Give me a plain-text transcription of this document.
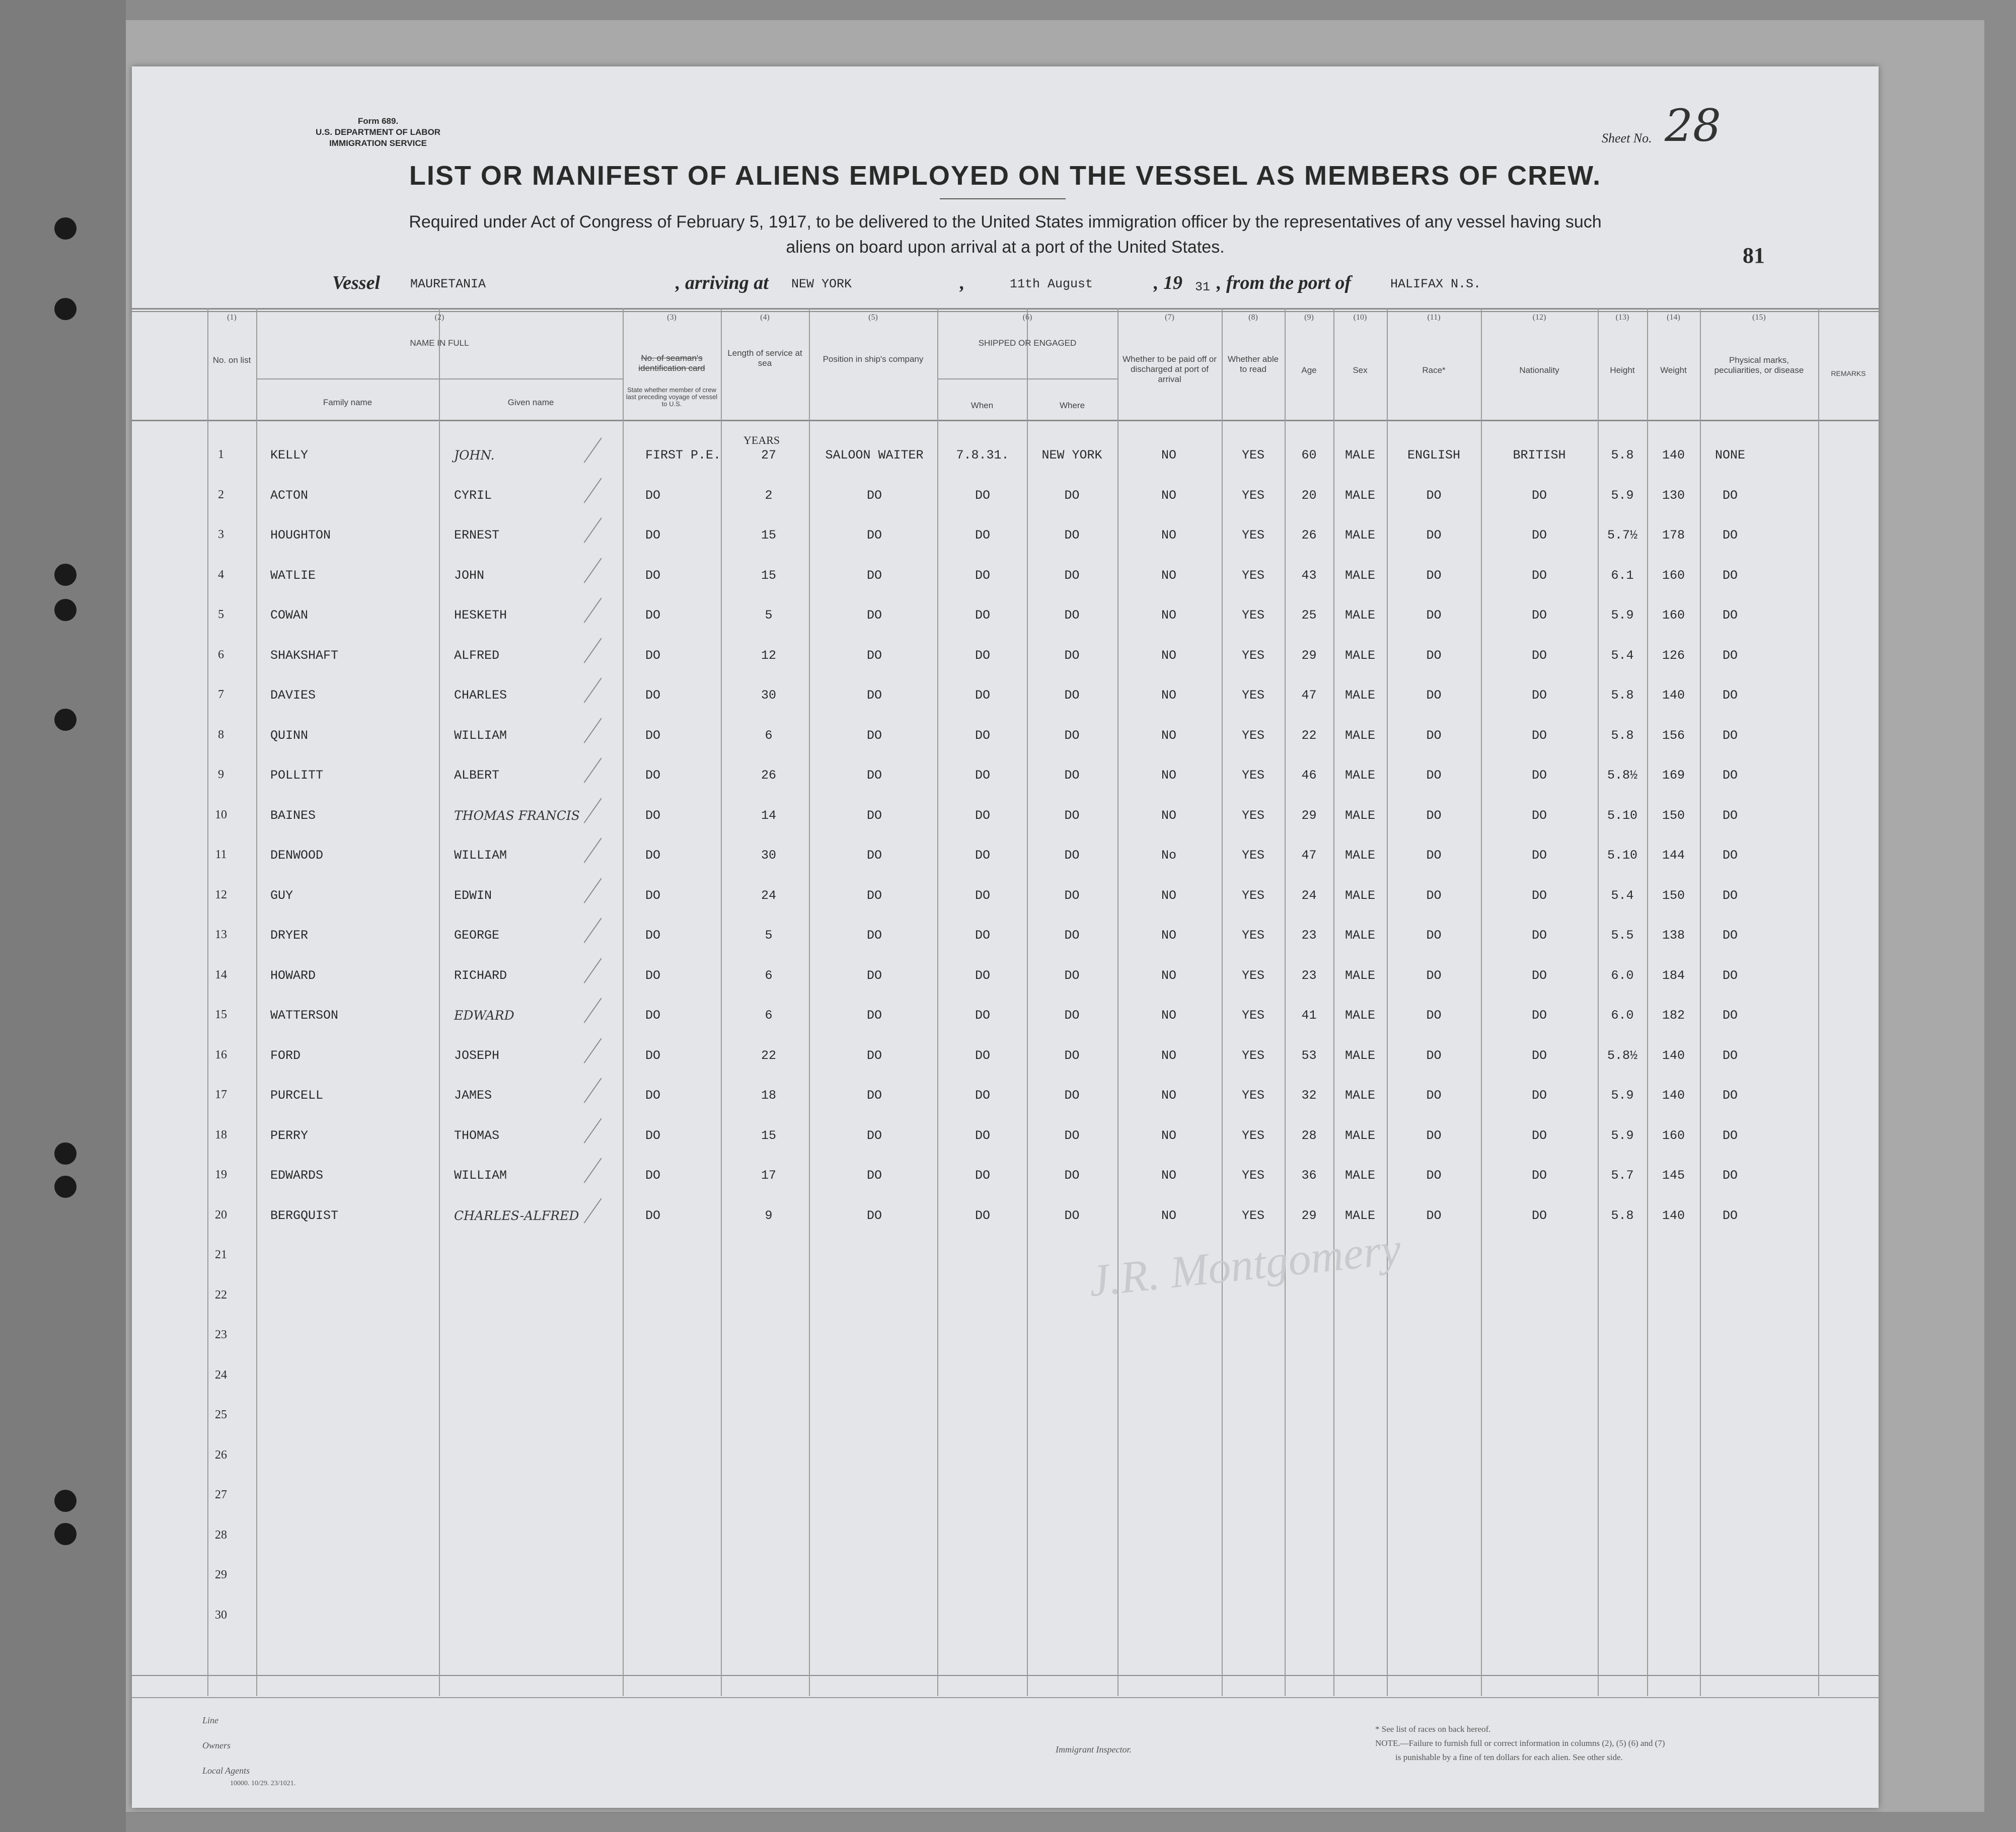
Form 689.
U.S. DEPARTMENT OF LABOR
IMMIGRATION SERVICE	Sheet No. 28
LIST OR MANIFEST OF ALIENS EMPLOYED ON THE VESSEL AS MEMBERS OF CREW.
Required under Act of Congress of February 5, 1917, to be delivered to the United States immigration officer by the representatives of any vessel having such
aliens on board upon arrival at a port of the United States.	81
Vessel MAURETANIA	, arriving at NEW YORK	,	11th August	, 19 31 , from the port of	HALIFAX N.S.
(1)	(2)	(3)	(4)	(5)	(6)	(7)	(8)	(9)	(10)	(11)	(12)	(13)	(14)	(15)
No. on list
NAME IN FULL
Family name	Given name
No. of seaman's identification card
State whether member of crew last preceding voyage of vessel to U.S.
Length of service at sea	Position in ship's company
SHIPPED OR ENGAGED
When	Where
Whether to be paid off or discharged at port of arrival
Whether able to read	Age	Sex	Race*	Nationality	Height	Weight
Physical marks, peculiarities, or disease	REMARKS
YEARS
1	KELLY	JOHN.	FIRST P.E.	27	SALOON WAITER	7.8.31.	NEW YORK	NO	YES	60	MALE	ENGLISH	BRITISH	5.8	140	NONE
2	ACTON	CYRIL	DO	2	DO	DO	DO	NO	YES	20	MALE	DO	DO	5.9	130	DO
3	HOUGHTON	ERNEST	DO	15	DO	DO	DO	NO	YES	26	MALE	DO	DO	5.7½	178	DO
4	WATLIE	JOHN	DO	15	DO	DO	DO	NO	YES	43	MALE	DO	DO	6.1	160	DO
5	COWAN	HESKETH	DO	5	DO	DO	DO	NO	YES	25	MALE	DO	DO	5.9	160	DO
6	SHAKSHAFT	ALFRED	DO	12	DO	DO	DO	NO	YES	29	MALE	DO	DO	5.4	126	DO
7	DAVIES	CHARLES	DO	30	DO	DO	DO	NO	YES	47	MALE	DO	DO	5.8	140	DO
8	QUINN	WILLIAM	DO	6	DO	DO	DO	NO	YES	22	MALE	DO	DO	5.8	156	DO
9	POLLITT	ALBERT	DO	26	DO	DO	DO	NO	YES	46	MALE	DO	DO	5.8½	169	DO
10	BAINES	THOMAS FRANCIS	DO	14	DO	DO	DO	NO	YES	29	MALE	DO	DO	5.10	150	DO
11	DENWOOD	WILLIAM	DO	30	DO	DO	DO	No	YES	47	MALE	DO	DO	5.10	144	DO
12	GUY	EDWIN	DO	24	DO	DO	DO	NO	YES	24	MALE	DO	DO	5.4	150	DO
13	DRYER	GEORGE	DO	5	DO	DO	DO	NO	YES	23	MALE	DO	DO	5.5	138	DO
14	HOWARD	RICHARD	DO	6	DO	DO	DO	NO	YES	23	MALE	DO	DO	6.0	184	DO
15	WATTERSON	EDWARD	DO	6	DO	DO	DO	NO	YES	41	MALE	DO	DO	6.0	182	DO
16	FORD	JOSEPH	DO	22	DO	DO	DO	NO	YES	53	MALE	DO	DO	5.8½	140	DO
17	PURCELL	JAMES	DO	18	DO	DO	DO	NO	YES	32	MALE	DO	DO	5.9	140	DO
18	PERRY	THOMAS	DO	15	DO	DO	DO	NO	YES	28	MALE	DO	DO	5.9	160	DO
19	EDWARDS	WILLIAM	DO	17	DO	DO	DO	NO	YES	36	MALE	DO	DO	5.7	145	DO
20	BERGQUIST	CHARLES-ALFRED	DO	9	DO	DO	DO	NO	YES	29	MALE	DO	DO	5.8	140	DO
21
22
23
24
25
26
27
28
29
30
J.R. Montgomery
Line
Owners
Local Agents
10000. 10/29. 23/1021.
Immigrant Inspector.
* See list of races on back hereof.
NOTE.—Failure to furnish full or correct information in columns (2), (5) (6) and (7)
is punishable by a fine of ten dollars for each alien. See other side.
